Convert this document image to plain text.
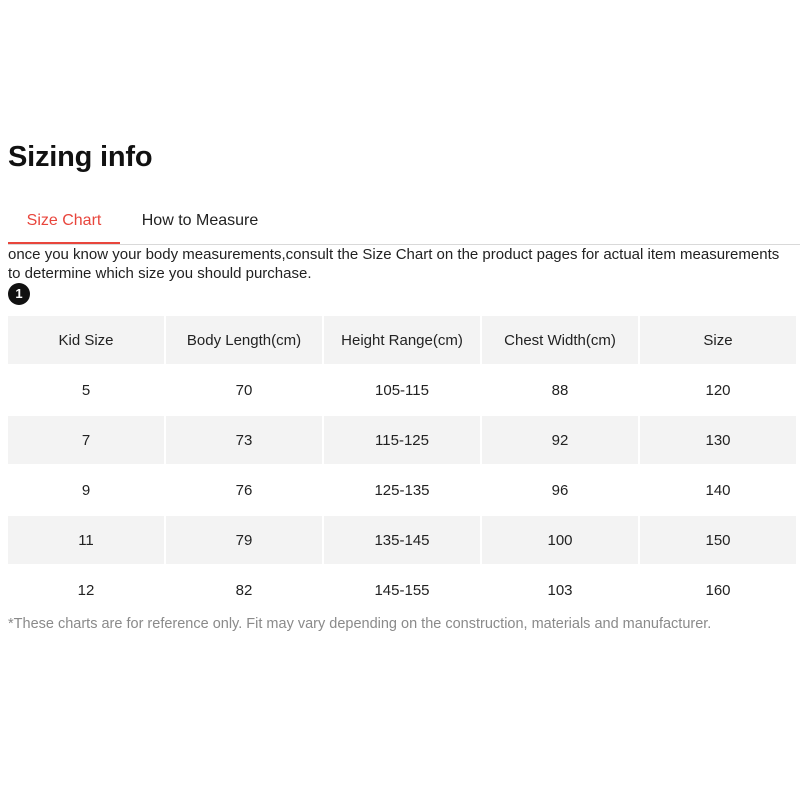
Sizing info
Size Chart	How to Measure

once you know your body measurements,consult the Size Chart on the product pages for actual item measurements to determine which size you should purchase.

1
Kid Size	Body Length(cm)	Height Range(cm)	Chest Width(cm)	Size
5	70	105-115	88	120
7	73	115-125	92	130
9	76	125-135	96	140
11	79	135-145	100	150
12	82	145-155	103	160

*These charts are for reference only. Fit may vary depending on the construction, materials and manufacturer.
